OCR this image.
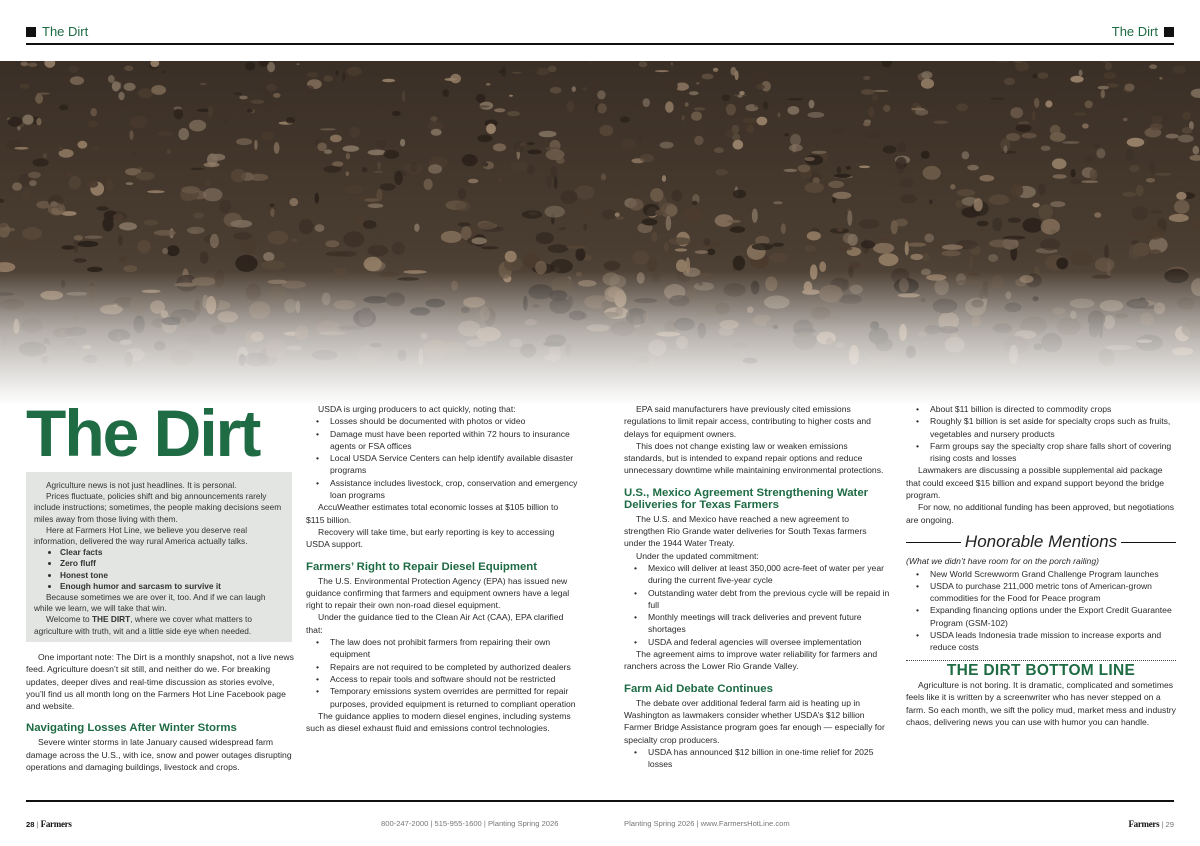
The Dirt	The Dirt
The Dirt

Agriculture news is not just headlines. It is personal.

Prices fluctuate, policies shift and big announcements rarely include instructions; sometimes, the people making decisions seem miles away from those living with them.

Here at Farmers Hot Line, we believe you deserve real information, delivered the way rural America actually talks.

• Clear facts
• Zero fluff
• Honest tone
• Enough humor and sarcasm to survive it

Because sometimes we are over it, too. And if we can laugh while we learn, we will take that win.

Welcome to THE DIRT, where we cover what matters to agriculture with truth, wit and a little side eye when needed.

One important note: The Dirt is a monthly snapshot, not a live news feed. Agriculture doesn’t sit still, and neither do we. For breaking updates, deeper dives and real-time discussion as stories evolve, you’ll find us all month long on the Farmers Hot Line Facebook page and website.

Navigating Losses After Winter Storms

Severe winter storms in late January caused widespread farm damage across the U.S., with ice, snow and power outages disrupting operations and damaging buildings, livestock and crops.

USDA is urging producers to act quickly, noting that:

• Losses should be documented with photos or video
• Damage must have been reported within 72 hours to insurance agents or FSA offices
• Local USDA Service Centers can help identify available disaster programs
• Assistance includes livestock, crop, conservation and emergency loan programs

AccuWeather estimates total economic losses at $105 billion to $115 billion.

Recovery will take time, but early reporting is key to accessing USDA support.

Farmers’ Right to Repair Diesel Equipment

The U.S. Environmental Protection Agency (EPA) has issued new guidance confirming that farmers and equipment owners have a legal right to repair their own non-road diesel equipment.

Under the guidance tied to the Clean Air Act (CAA), EPA clarified that:

• The law does not prohibit farmers from repairing their own equipment
• Repairs are not required to be completed by authorized dealers
• Access to repair tools and software should not be restricted
• Temporary emissions system overrides are permitted for repair purposes, provided equipment is returned to compliant operation

The guidance applies to modern diesel engines, including systems such as diesel exhaust fluid and emissions control technologies.

EPA said manufacturers have previously cited emissions regulations to limit repair access, contributing to higher costs and delays for equipment owners.

This does not change existing law or weaken emissions standards, but is intended to expand repair options and reduce unnecessary downtime while maintaining environmental protections.

U.S., Mexico Agreement Strengthening Water Deliveries for Texas Farmers

The U.S. and Mexico have reached a new agreement to strengthen Rio Grande water deliveries for South Texas farmers under the 1944 Water Treaty.

Under the updated commitment:

• Mexico will deliver at least 350,000 acre-feet of water per year during the current five-year cycle
• Outstanding water debt from the previous cycle will be repaid in full
• Monthly meetings will track deliveries and prevent future shortages
• USDA and federal agencies will oversee implementation

The agreement aims to improve water reliability for farmers and ranchers across the Lower Rio Grande Valley.

Farm Aid Debate Continues

The debate over additional federal farm aid is heating up in Washington as lawmakers consider whether USDA’s $12 billion Farmer Bridge Assistance program goes far enough — especially for specialty crop producers.

• USDA has announced $12 billion in one-time relief for 2025 losses
• About $11 billion is directed to commodity crops
• Roughly $1 billion is set aside for specialty crops such as fruits, vegetables and nursery products
• Farm groups say the specialty crop share falls short of covering rising costs and losses

Lawmakers are discussing a possible supplemental aid package that could exceed $15 billion and expand support beyond the bridge program.

For now, no additional funding has been approved, but negotiations are ongoing.

Honorable Mentions

(What we didn’t have room for on the porch railing)

• New World Screwworm Grand Challenge Program launches
• USDA to purchase 211,000 metric tons of American-grown commodities for the Food for Peace program
• Expanding financing options under the Export Credit Guarantee Program (GSM-102)
• USDA leads Indonesia trade mission to increase exports and reduce costs
THE DIRT BOTTOM LINE

Agriculture is not boring. It is dramatic, complicated and sometimes feels like it is written by a screenwriter who has never stepped on a farm. So each month, we sift the policy mud, market mess and industry chaos, delivering news you can use with humor you can handle.

28 | Farmers	800-247-2000 | 515-955-1600 | Planting Spring 2026	Planting Spring 2026 | www.FarmersHotLine.com	Farmers | 29
